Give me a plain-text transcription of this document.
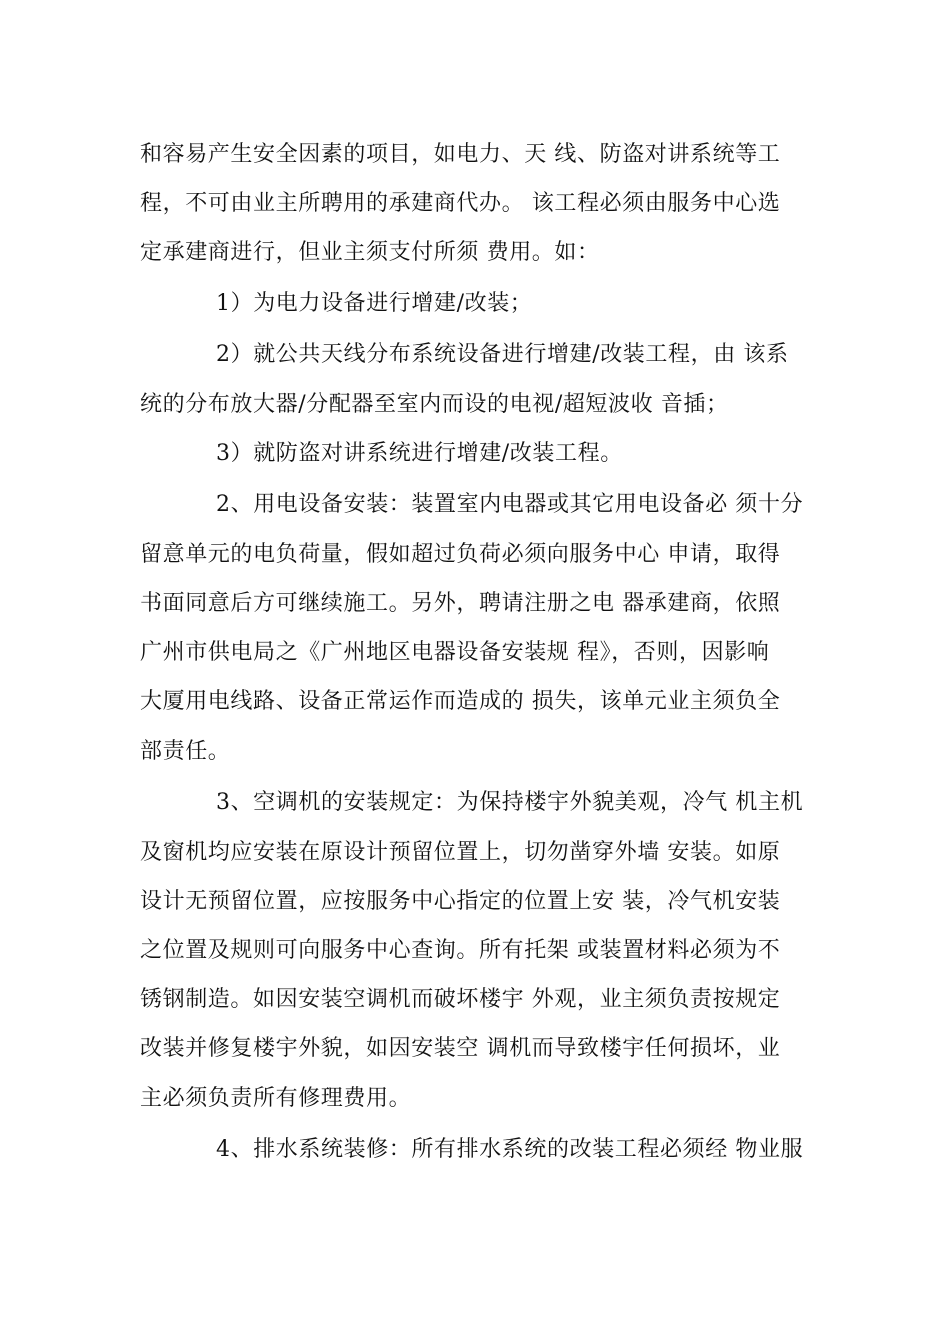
和容易产生安全因素的项目，如电力、天 线、防盗对讲系统等工
程，不可由业主所聘用的承建商代办。 该工程必须由服务中心选
定承建商进行，但业主须支付所须 费用。如：
1）为电力设备进行增建/改装；
2）就公共天线分布系统设备进行增建/改装工程，由 该系
统的分布放大器/分配器至室内而设的电视/超短波收 音插；
3）就防盗对讲系统进行增建/改装工程。
2、用电设备安装：装置室内电器或其它用电设备必 须十分
留意单元的电负荷量，假如超过负荷必须向服务中心 申请，取得
书面同意后方可继续施工。另外，聘请注册之电 器承建商，依照
广州市供电局之《广州地区电器设备安装规 程》，否则，因影响
大厦用电线路、设备正常运作而造成的 损失，该单元业主须负全
部责任。
3、空调机的安装规定：为保持楼宇外貌美观，冷气 机主机
及窗机均应安装在原设计预留位置上，切勿凿穿外墙 安装。如原
设计无预留位置，应按服务中心指定的位置上安 装，冷气机安装
之位置及规则可向服务中心查询。所有托架 或装置材料必须为不
锈钢制造。如因安装空调机而破坏楼宇 外观，业主须负责按规定
改装并修复楼宇外貌，如因安装空 调机而导致楼宇任何损坏，业
主必须负责所有修理费用。
4、排水系统装修：所有排水系统的改装工程必须经 物业服
